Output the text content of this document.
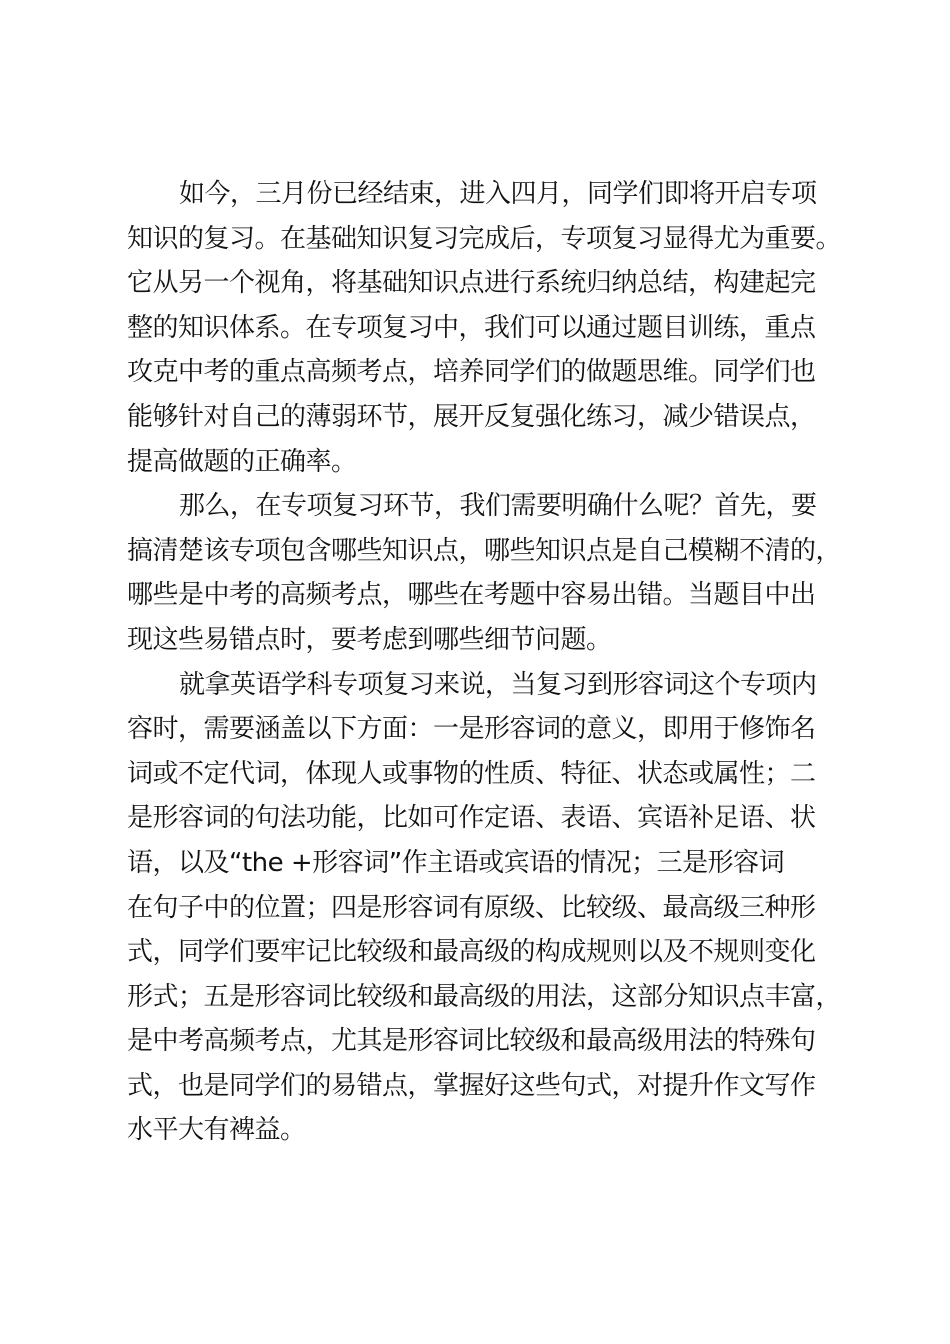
如今，三月份已经结束，进入四月，同学们即将开启专项
知识的复习。在基础知识复习完成后，专项复习显得尤为重要。
它从另一个视角，将基础知识点进行系统归纳总结，构建起完
整的知识体系。在专项复习中，我们可以通过题目训练，重点
攻克中考的重点高频考点，培养同学们的做题思维。同学们也
能够针对自己的薄弱环节，展开反复强化练习，减少错误点，
提高做题的正确率。
那么，在专项复习环节，我们需要明确什么呢？首先，要
搞清楚该专项包含哪些知识点，哪些知识点是自己模糊不清的，
哪些是中考的高频考点，哪些在考题中容易出错。当题目中出
现这些易错点时，要考虑到哪些细节问题。
就拿英语学科专项复习来说，当复习到形容词这个专项内
容时，需要涵盖以下方面：一是形容词的意义，即用于修饰名
词或不定代词，体现人或事物的性质、特征、状态或属性；二
是形容词的句法功能，比如可作定语、表语、宾语补足语、状
语，以及“the +形容词”作主语或宾语的情况；三是形容词
在句子中的位置；四是形容词有原级、比较级、最高级三种形
式，同学们要牢记比较级和最高级的构成规则以及不规则变化
形式；五是形容词比较级和最高级的用法，这部分知识点丰富，
是中考高频考点，尤其是形容词比较级和最高级用法的特殊句
式，也是同学们的易错点，掌握好这些句式，对提升作文写作
水平大有裨益。
